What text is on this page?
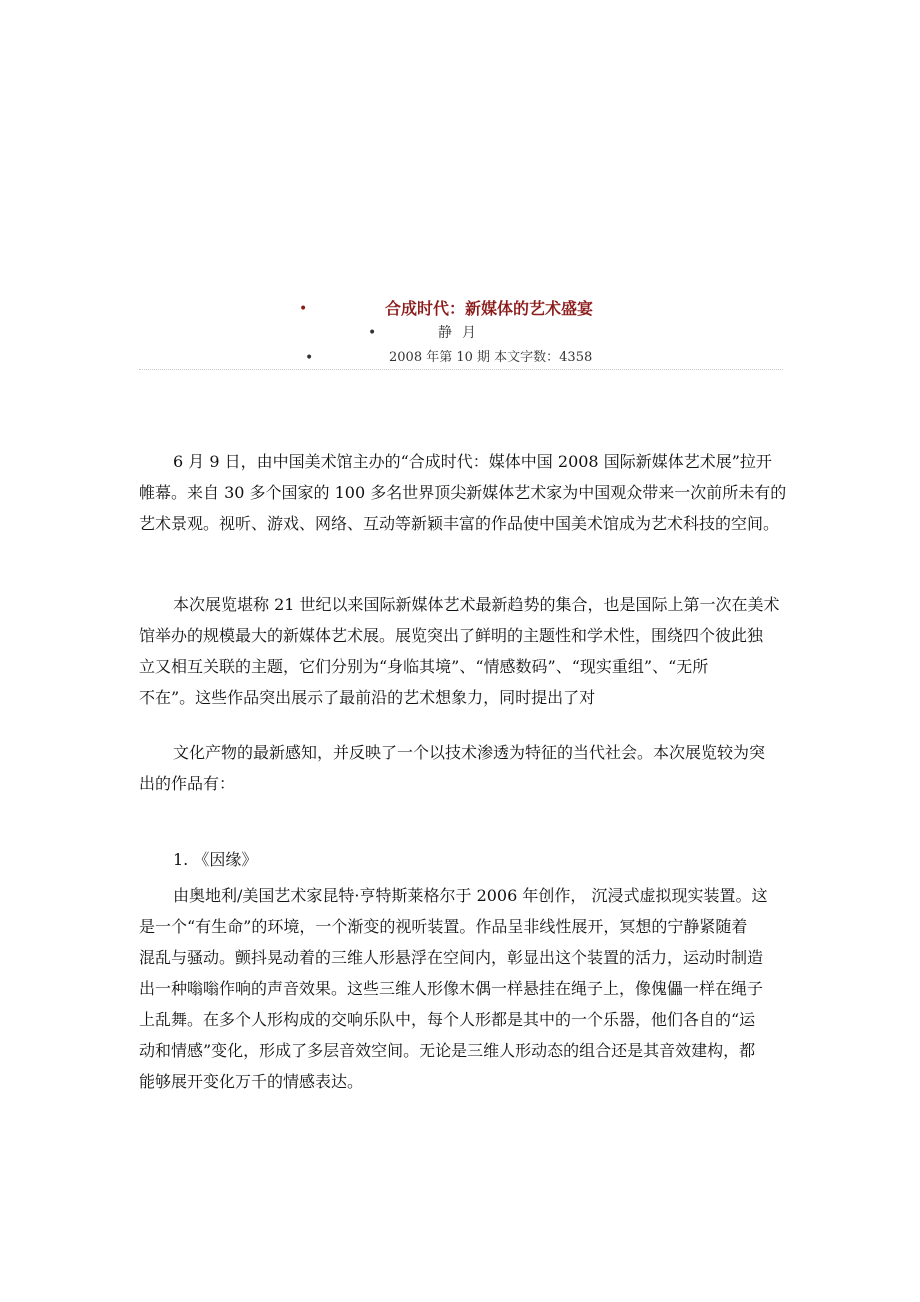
•	合成时代：新媒体的艺术盛宴
•	静月
•	2008 年第 10 期 本文字数：4358
6 月 9 日，由中国美术馆主办的“合成时代：媒体中国 2008 国际新媒体艺术展”拉开
帷幕。来自 30 多个国家的 100 多名世界顶尖新媒体艺术家为中国观众带来一次前所未有的
艺术景观。视听、游戏、网络、互动等新颖丰富的作品使中国美术馆成为艺术科技的空间。
本次展览堪称 21 世纪以来国际新媒体艺术最新趋势的集合，也是国际上第一次在美术
馆举办的规模最大的新媒体艺术展。展览突出了鲜明的主题性和学术性，围绕四个彼此独
立又相互关联的主题，它们分别为“身临其境”、“情感数码”、“现实重组”、“无所
不在”。这些作品突出展示了最前沿的艺术想象力，同时提出了对
文化产物的最新感知，并反映了一个以技术渗透为特征的当代社会。本次展览较为突
出的作品有：
1. 《因缘》
由奥地利/美国艺术家昆特·亨特斯莱格尔于 2006 年创作， 沉浸式虚拟现实装置。这
是一个“有生命”的环境，一个渐变的视听装置。作品呈非线性展开，冥想的宁静紧随着
混乱与骚动。颤抖晃动着的三维人形悬浮在空间内，彰显出这个装置的活力，运动时制造
出一种嗡嗡作响的声音效果。这些三维人形像木偶一样悬挂在绳子上，像傀儡一样在绳子
上乱舞。在多个人形构成的交响乐队中，每个人形都是其中的一个乐器，他们各自的“运
动和情感”变化，形成了多层音效空间。无论是三维人形动态的组合还是其音效建构，都
能够展开变化万千的情感表达。
